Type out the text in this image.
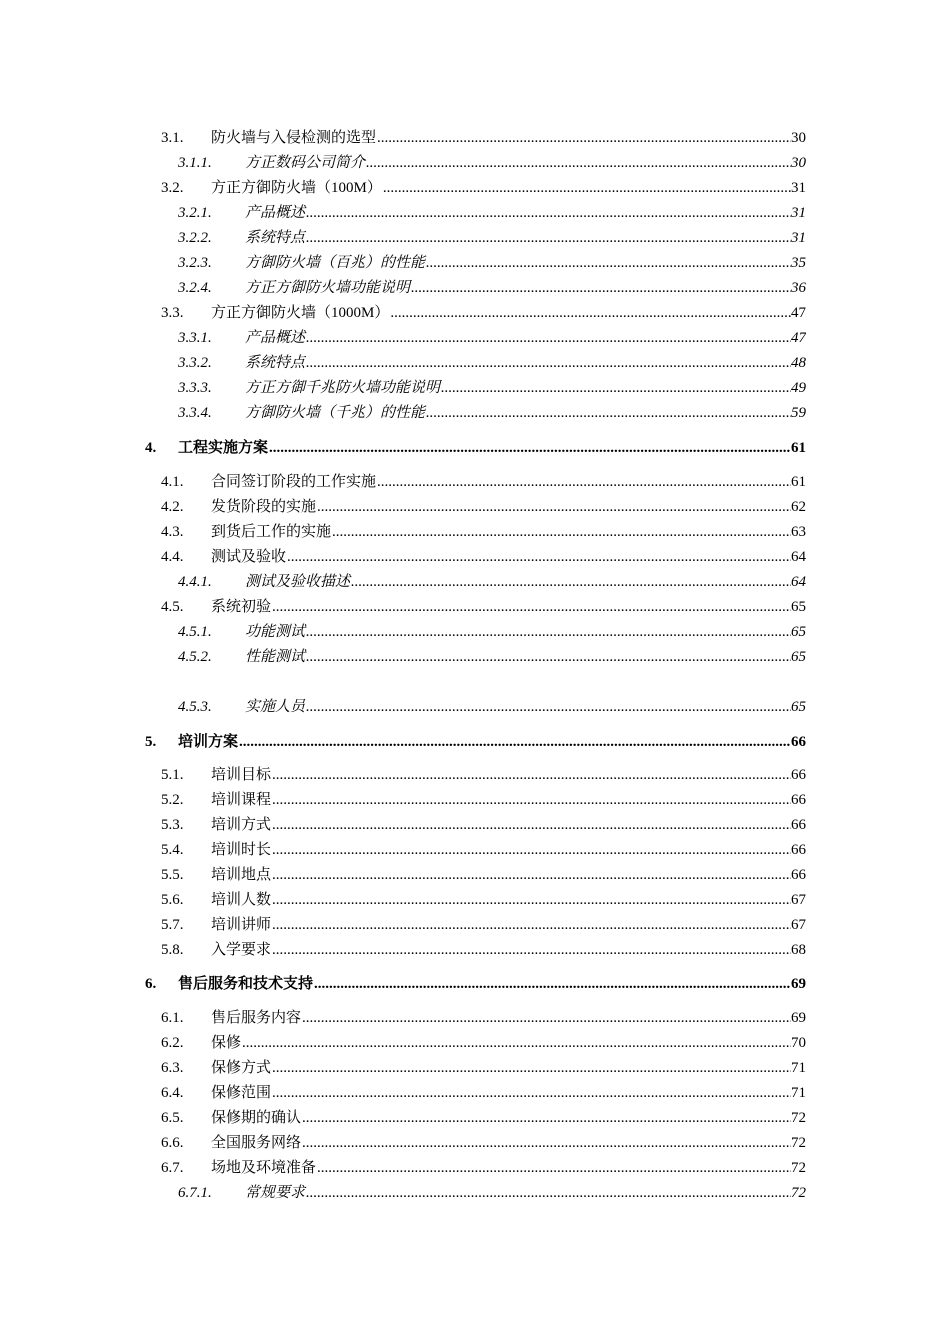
3.1.	防火墙与入侵检测的选型 .....	30
3.1.1.	方正数码公司简介 .....	30
3.2.	方正方御防火墙（100M） .....	31
3.2.1.	产品概述 .....	31
3.2.2.	系统特点 .....	31
3.2.3.	方御防火墙（百兆）的性能 .....	35
3.2.4.	方正方御防火墙功能说明 .....	36
3.3.	方正方御防火墙（1000M） .....	47
3.3.1.	产品概述 .....	47
3.3.2.	系统特点 .....	48
3.3.3.	方正方御千兆防火墙功能说明 .....	49
3.3.4.	方御防火墙（千兆）的性能 .....	59
4.	工程实施方案 .....	61
4.1.	合同签订阶段的工作实施 .....	61
4.2.	发货阶段的实施 .....	62
4.3.	到货后工作的实施 .....	63
4.4.	测试及验收 .....	64
4.4.1.	测试及验收描述 .....	64
4.5.	系统初验 .....	65
4.5.1.	功能测试 .....	65
4.5.2.	性能测试 .....	65
4.5.3.	实施人员 .....	65
5.	培训方案 .....	66
5.1.	培训目标 .....	66
5.2.	培训课程 .....	66
5.3.	培训方式 .....	66
5.4.	培训时长 .....	66
5.5.	培训地点 .....	66
5.6.	培训人数 .....	67
5.7.	培训讲师 .....	67
5.8.	入学要求 .....	68
6.	售后服务和技术支持 .....	69
6.1.	售后服务内容 .....	69
6.2.	保修 .....	70
6.3.	保修方式 .....	71
6.4.	保修范围 .....	71
6.5.	保修期的确认 .....	72
6.6.	全国服务网络 .....	72
6.7.	场地及环境准备 .....	72
6.7.1.	常规要求 .....	72
